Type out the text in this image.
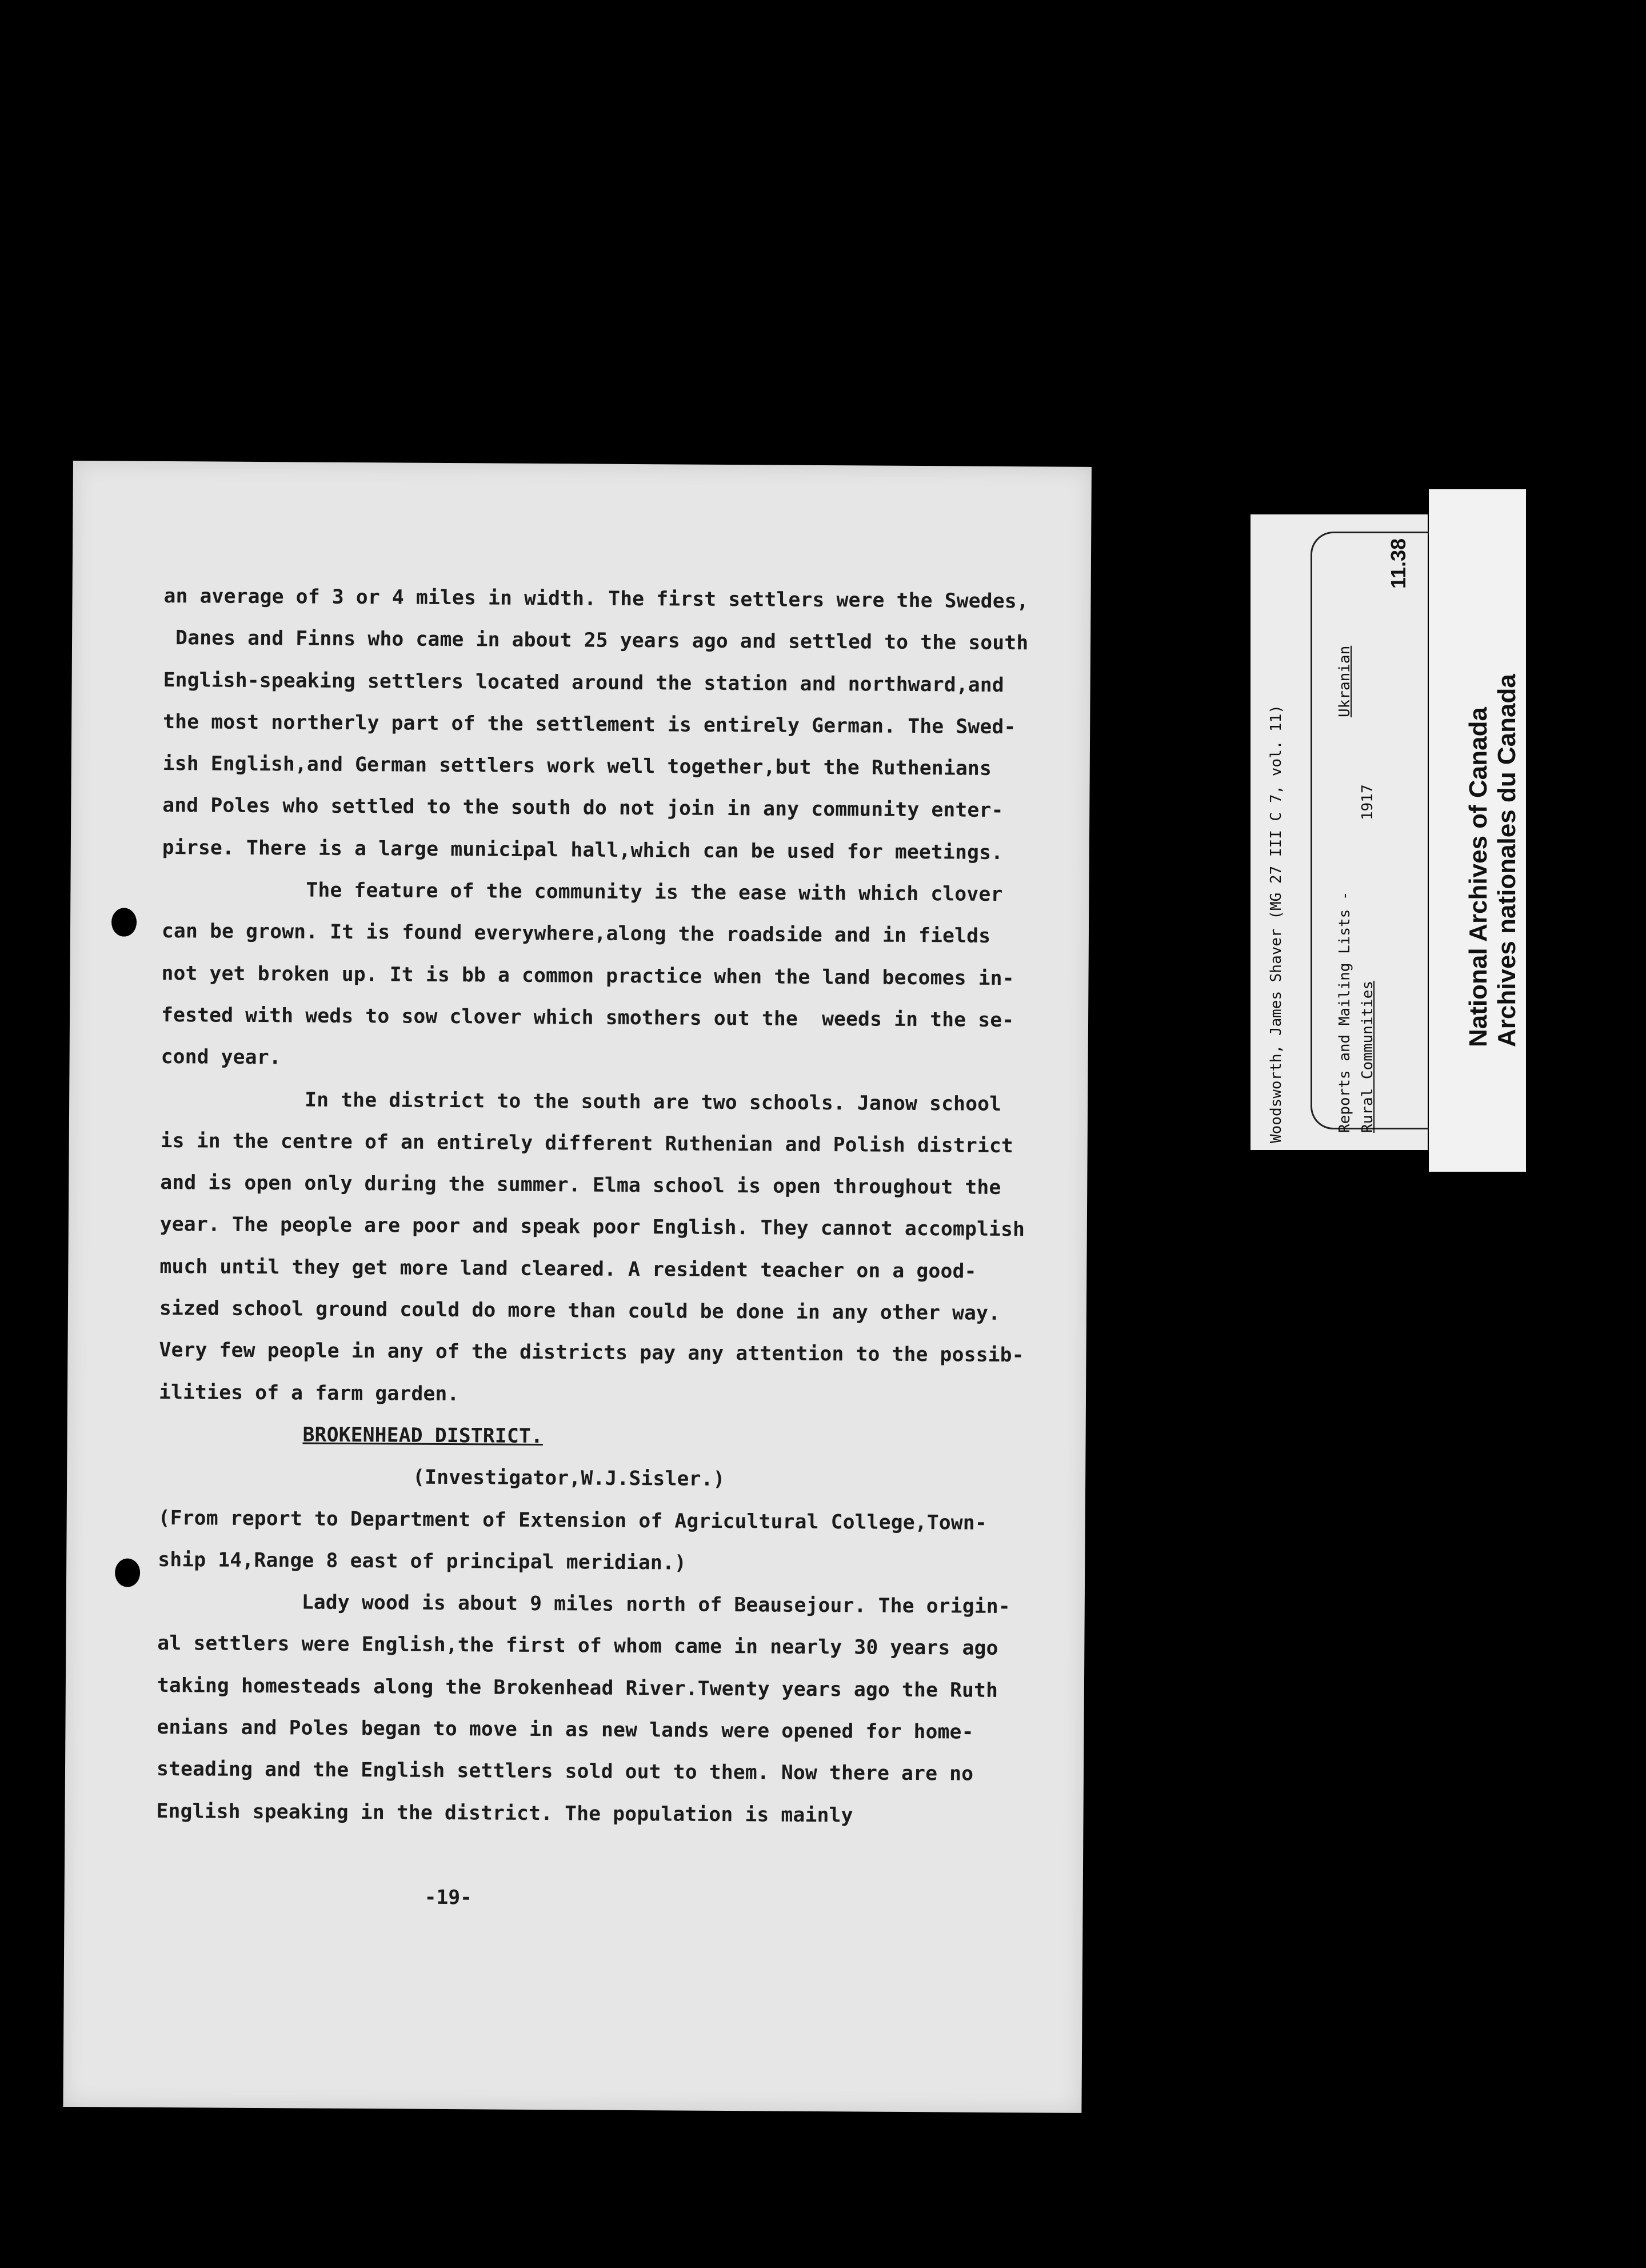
an average of 3 or 4 miles in width. The first settlers were the Swedes,
Danes and Finns who came in about 25 years ago and settled to the south
English-speaking settlers located around the station and northward,and
the most northerly part of the settlement is entirely German. The Swed-
ish English,and German settlers work well together,but the Ruthenians
and Poles who settled to the south do not join in any community enter-
pirse. There is a large municipal hall,which can be used for meetings.
The feature of the community is the ease with which clover
can be grown. It is found everywhere,along the roadside and in fields
not yet broken up. It is bb a common practice when the land becomes in-
fested with weds to sow clover which smothers out the  weeds in the se-
cond year.
In the district to the south are two schools. Janow school
is in the centre of an entirely different Ruthenian and Polish district
and is open only during the summer. Elma school is open throughout the
year. The people are poor and speak poor English. They cannot accomplish
much until they get more land cleared. A resident teacher on a good-
sized school ground could do more than could be done in any other way.
Very few people in any of the districts pay any attention to the possib-
ilities of a farm garden.
BROKENHEAD DISTRICT.
(Investigator,W.J.Sisler.)
(From report to Department of Extension of Agricultural College,Town-
ship 14,Range 8 east of principal meridian.)
Lady wood is about 9 miles north of Beausejour. The origin-
al settlers were English,the first of whom came in nearly 30 years ago
taking homesteads along the Brokenhead River.Twenty years ago the Ruth
enians and Poles began to move in as new lands were opened for home-
steading and the English settlers sold out to them. Now there are no
English speaking in the district. The population is mainly
-19-
Woodsworth, James Shaver (MG 27 III C 7, vol. 11)	Reports and Mailing Lists -
Ukranian
Rural Communities
1917
11.38
National Archives of Canada Archives nationales du Canada
